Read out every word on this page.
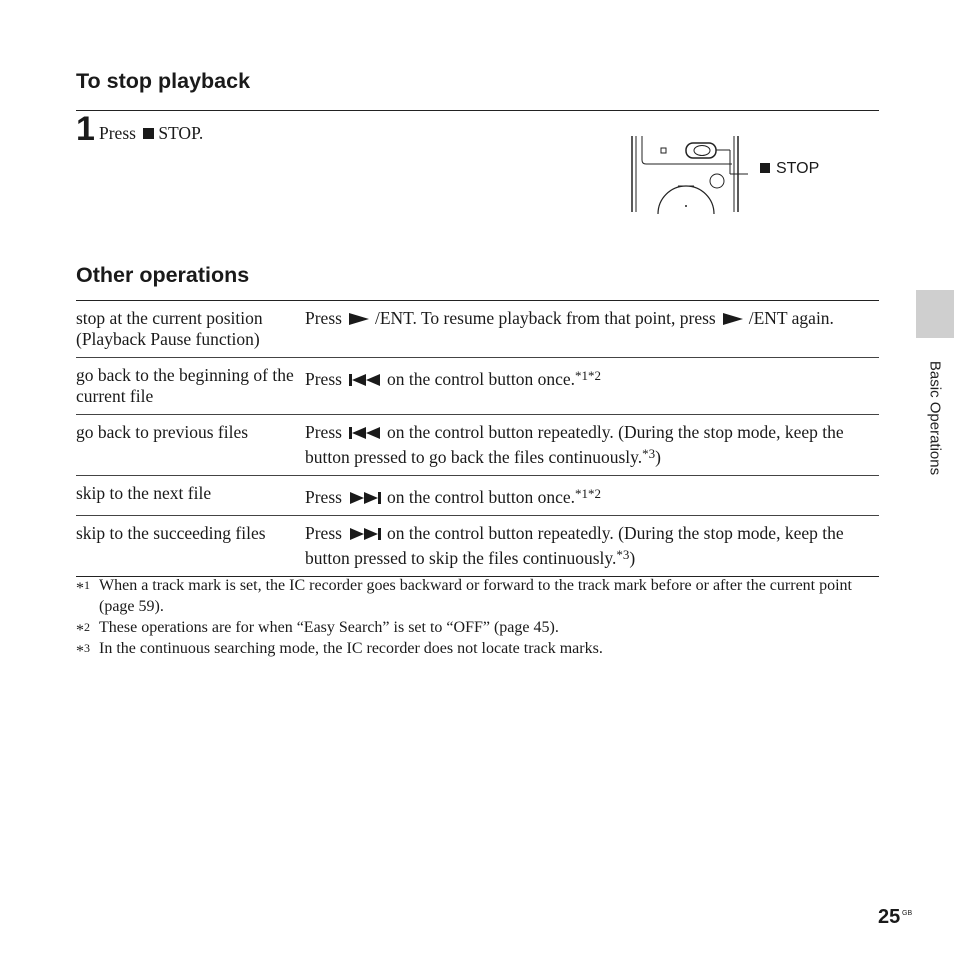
To stop playback
1 Press STOP.
STOP
Other operations
stop at the current position (Playback Pause function)	Press /ENT. To resume playback from that point, press /ENT again.
go back to the beginning of the current file	Press on the control button once.$^{*1*2}$
go back to previous files	Press on the control button repeatedly. (During the stop mode, keep the button pressed to go back the files continuously.$^{*3}$)
skip to the next file	Press on the control button once.$^{*1*2}$
skip to the succeeding files	Press on the control button repeatedly. (During the stop mode, keep the button pressed to skip the files continuously.$^{*3}$)
*$^1$ When a track mark is set, the IC recorder goes backward or forward to the track mark before or after the current point (page 59).
*$^2$ These operations are for when “Easy Search” is set to “OFF” (page 45).
*$^3$ In the continuous searching mode, the IC recorder does not locate track marks.
Basic Operations
25 GB
